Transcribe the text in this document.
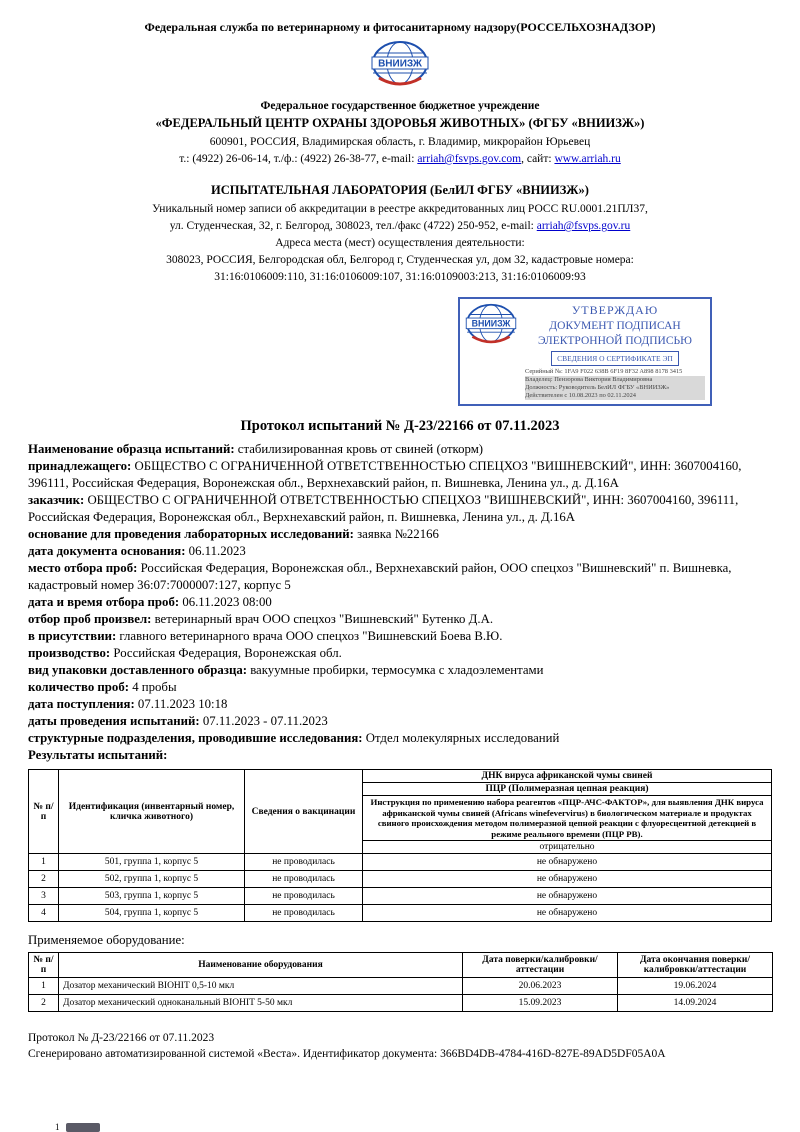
Федеральная служба по ветеринарному и фитосанитарному надзору(РОССЕЛЬХОЗНАДЗОР)
ВНИИЗЖ
Федеральное государственное бюджетное учреждение
«ФЕДЕРАЛЬНЫЙ ЦЕНТР ОХРАНЫ ЗДОРОВЬЯ ЖИВОТНЫХ» (ФГБУ «ВНИИЗЖ»)
600901, РОССИЯ, Владимирская область, г. Владимир, микрорайон Юрьевец
т.: (4922) 26-06-14, т./ф.: (4922) 26-38-77, e-mail: arriah@fsvps.gov.com, сайт: www.arriah.ru
ИСПЫТАТЕЛЬНАЯ ЛАБОРАТОРИЯ (БелИЛ ФГБУ «ВНИИЗЖ»)
Уникальный номер записи об аккредитации в реестре аккредитованных лиц РОСС RU.0001.21ПЛ37,
ул. Студенческая, 32, г. Белгород, 308023, тел./факс (4722) 250-952, e-mail: arriah@fsvps.gov.ru
Адреса места (мест) осуществления деятельности:
308023, РОССИЯ, Белгородская обл, Белгород г, Студенческая ул, дом 32, кадастровые номера:
31:16:0106009:110, 31:16:0106009:107, 31:16:0109003:213, 31:16:0106009:93
ВНИИЗЖ
УТВЕРЖДАЮ
ДОКУМЕНТ ПОДПИСАН
ЭЛЕКТРОННОЙ ПОДПИСЬЮ
СВЕДЕНИЯ О СЕРТИФИКАТЕ ЭП
Серийный №: 1FA9 F022 638B 6F19 8F32 A898 8178 3415
Владелец: Пензорова Виктория Владимировна
Должность: Руководитель БелИЛ ФГБУ «ВНИИЗЖ»
Действителен с 10.08.2023 по 02.11.2024
Протокол испытаний № Д-23/22166 от 07.11.2023

Наименование образца испытаний: стабилизированная кровь от свиней (откорм)

принадлежащего: ОБЩЕСТВО С ОГРАНИЧЕННОЙ ОТВЕТСТВЕННОСТЬЮ СПЕЦХОЗ "ВИШНЕВСКИЙ", ИНН: 3607004160, 396111, Российская Федерация, Воронежская обл., Верхнехавский район, п. Вишневка, Ленина ул., д. Д.16А

заказчик: ОБЩЕСТВО С ОГРАНИЧЕННОЙ ОТВЕТСТВЕННОСТЬЮ СПЕЦХОЗ "ВИШНЕВСКИЙ", ИНН: 3607004160, 396111, Российская Федерация, Воронежская обл., Верхнехавский район, п. Вишневка, Ленина ул., д. Д.16А

основание для проведения лабораторных исследований: заявка №22166

дата документа основания: 06.11.2023

место отбора проб: Российская Федерация, Воронежская обл., Верхнехавский район, ООО спецхоз "Вишневский" п. Вишневка, кадастровый номер 36:07:7000007:127, корпус 5

дата и время отбора проб: 06.11.2023 08:00

отбор проб произвел: ветеринарный врач ООО спецхоз "Вишневский" Бутенко Д.А.

в присутствии: главного ветеринарного врача ООО спецхоз "Вишневский Боева В.Ю.

производство: Российская Федерация, Воронежская обл.

вид упаковки доставленного образца: вакуумные пробирки, термосумка с хладоэлементами

количество проб: 4 пробы

дата поступления: 07.11.2023 10:18

даты проведения испытаний: 07.11.2023 - 07.11.2023

структурные подразделения, проводившие исследования: Отдел молекулярных исследований

Результаты испытаний:

№ п/п	Идентификация (инвентарный номер, кличка животного)	Сведения о вакцинации	ДНК вируса африканской чумы свиней
			ПЦР (Полимеразная цепная реакция)
			Инструкция по применению набора реагентов «ПЦР-АЧС-ФАКТОР», для выявления ДНК вируса африканской чумы свиней (Africans winefevervirus) в биологическом материале и продуктах свиного происхождения методом полимеразной цепной реакции с флуоресцентной детекцией в режиме реального времени (ПЦР РВ).
			отрицательно
1	501, группа 1, корпус 5	не проводилась	не обнаружено
2	502, группа 1, корпус 5	не проводилась	не обнаружено
3	503, группа 1, корпус 5	не проводилась	не обнаружено
4	504, группа 1, корпус 5	не проводилась	не обнаружено
Применяемое оборудование:
№ п/п	Наименование оборудования	Дата поверки/калибровки/аттестации	Дата окончания поверки/калибровки/аттестации
1	Дозатор механический BIOHIT 0,5-10 мкл	20.06.2023	19.06.2024
2	Дозатор механический одноканальный BIOHIT 5-50 мкл	15.09.2023	14.09.2024

Протокол № Д-23/22166 от 07.11.2023

Сгенерировано автоматизированной системой «Веста». Идентификатор документа: 366BD4DB-4784-416D-827E-89AD5DF05A0A

1
